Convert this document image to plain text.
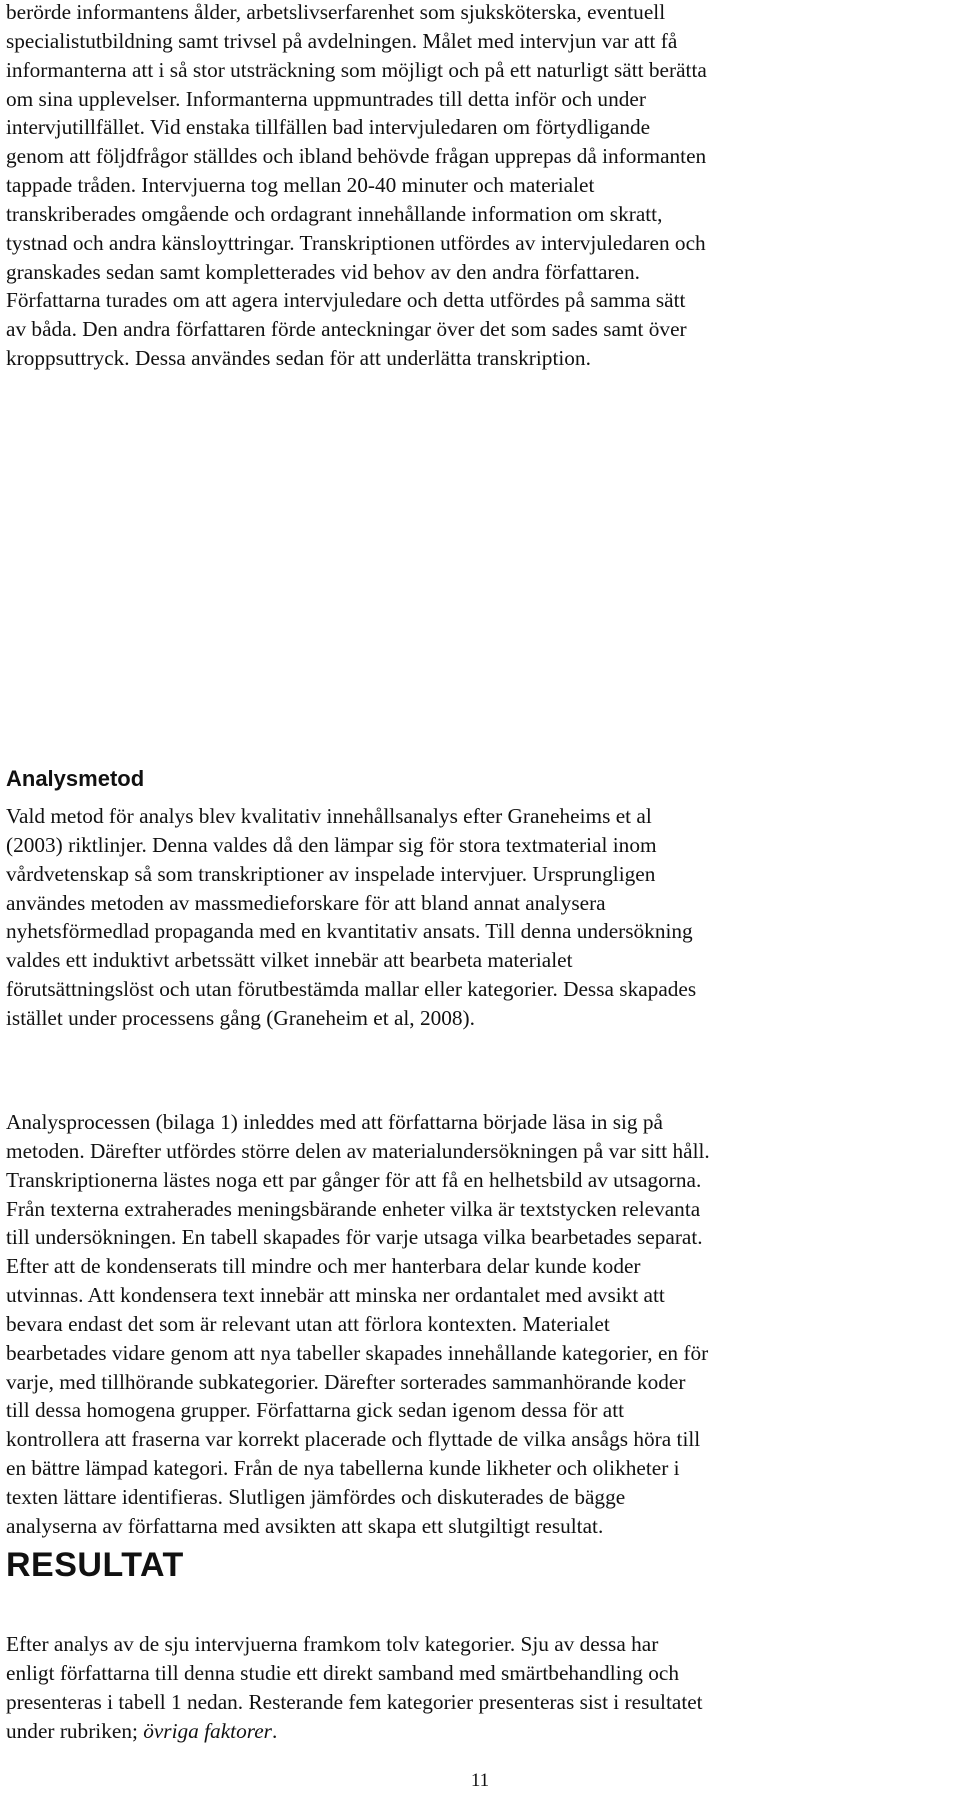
berörde informantens ålder, arbetslivserfarenhet som sjuksköterska, eventuell
specialistutbildning samt trivsel på avdelningen. Målet med intervjun var att få
informanterna att i så stor utsträckning som möjligt och på ett naturligt sätt berätta
om sina upplevelser. Informanterna uppmuntrades till detta inför och under
intervjutillfället. Vid enstaka tillfällen bad intervjuledaren om förtydligande
genom att följdfrågor ställdes och ibland behövde frågan upprepas då informanten
tappade tråden. Intervjuerna tog mellan 20-40 minuter och materialet
transkriberades omgående och ordagrant innehållande information om skratt,
tystnad och andra känsloyttringar. Transkriptionen utfördes av intervjuledaren och
granskades sedan samt kompletterades vid behov av den andra författaren.
Författarna turades om att agera intervjuledare och detta utfördes på samma sätt
av båda. Den andra författaren förde anteckningar över det som sades samt över
kroppsuttryck. Dessa användes sedan för att underlätta transkription.

Analysmetod

Vald metod för analys blev kvalitativ innehållsanalys efter Graneheims et al
(2003) riktlinjer. Denna valdes då den lämpar sig för stora textmaterial inom
vårdvetenskap så som transkriptioner av inspelade intervjuer. Ursprungligen
användes metoden av massmedieforskare för att bland annat analysera
nyhetsförmedlad propaganda med en kvantitativ ansats. Till denna undersökning
valdes ett induktivt arbetssätt vilket innebär att bearbeta materialet
förutsättningslöst och utan förutbestämda mallar eller kategorier. Dessa skapades
istället under processens gång (Graneheim et al, 2008).

Analysprocessen (bilaga 1) inleddes med att författarna började läsa in sig på
metoden. Därefter utfördes större delen av materialundersökningen på var sitt håll.
Transkriptionerna lästes noga ett par gånger för att få en helhetsbild av utsagorna.
Från texterna extraherades meningsbärande enheter vilka är textstycken relevanta
till undersökningen. En tabell skapades för varje utsaga vilka bearbetades separat.
Efter att de kondenserats till mindre och mer hanterbara delar kunde koder
utvinnas. Att kondensera text innebär att minska ner ordantalet med avsikt att
bevara endast det som är relevant utan att förlora kontexten. Materialet
bearbetades vidare genom att nya tabeller skapades innehållande kategorier, en för
varje, med tillhörande subkategorier. Därefter sorterades sammanhörande koder
till dessa homogena grupper. Författarna gick sedan igenom dessa för att
kontrollera att fraserna var korrekt placerade och flyttade de vilka ansågs höra till
en bättre lämpad kategori. Från de nya tabellerna kunde likheter och olikheter i
texten lättare identifieras. Slutligen jämfördes och diskuterades de bägge
analyserna av författarna med avsikten att skapa ett slutgiltigt resultat.

RESULTAT

Efter analys av de sju intervjuerna framkom tolv kategorier. Sju av dessa har
enligt författarna till denna studie ett direkt samband med smärtbehandling och
presenteras i tabell 1 nedan. Resterande fem kategorier presenteras sist i resultatet
under rubriken; övriga faktorer.

11
